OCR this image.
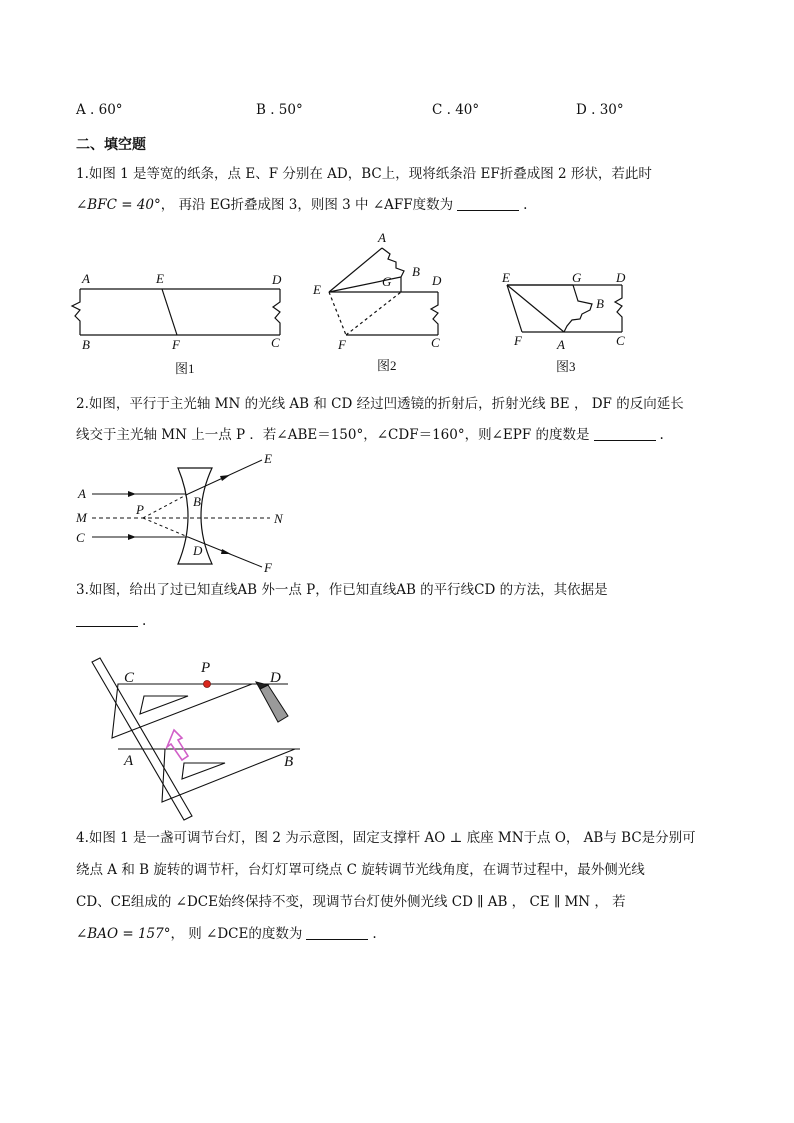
A . 60°	B . 50°	C . 40°	D . 30°
二、填空题
1.如图 1 是等宽的纸条，点 E、F 分别在 AD，BC上，现将纸条沿 EF折叠成图 2 形状，若此时
∠BFC = 40°， 再沿 EG折叠成图 3，则图 3 中 ∠AFF度数为	.
A	E	D
B	F	C
A
B
G
E
D
F	C
E	G	D
B
F	A	C
图1	图2	图3
2.如图，平行于主光轴 MN 的光线 AB 和 CD 经过凹透镜的折射后，折射光线 BE ， DF 的反向延长
线交于主光轴 MN 上一点 P ．若∠ABE＝150°，∠CDF＝160°，则∠EPF 的度数是	.
A
M
C
P
B
D
E
N
F
3.如图，给出了过已知直线AB 外一点 P，作已知直线AB 的平行线CD 的方法，其依据是
.
C
P
D
A	B
4.如图 1 是一盏可调节台灯，图 2 为示意图，固定支撑杆 AO ⊥ 底座 MN于点 O， AB与 BC是分别可
绕点 A 和 B 旋转的调节杆，台灯灯罩可绕点 C 旋转调节光线角度，在调节过程中，最外侧光线
CD、CE组成的 ∠DCE始终保持不变，现调节台灯使外侧光线 CD ∥ AB ， CE ∥ MN ， 若
∠BAO = 157°， 则 ∠DCE的度数为	.
